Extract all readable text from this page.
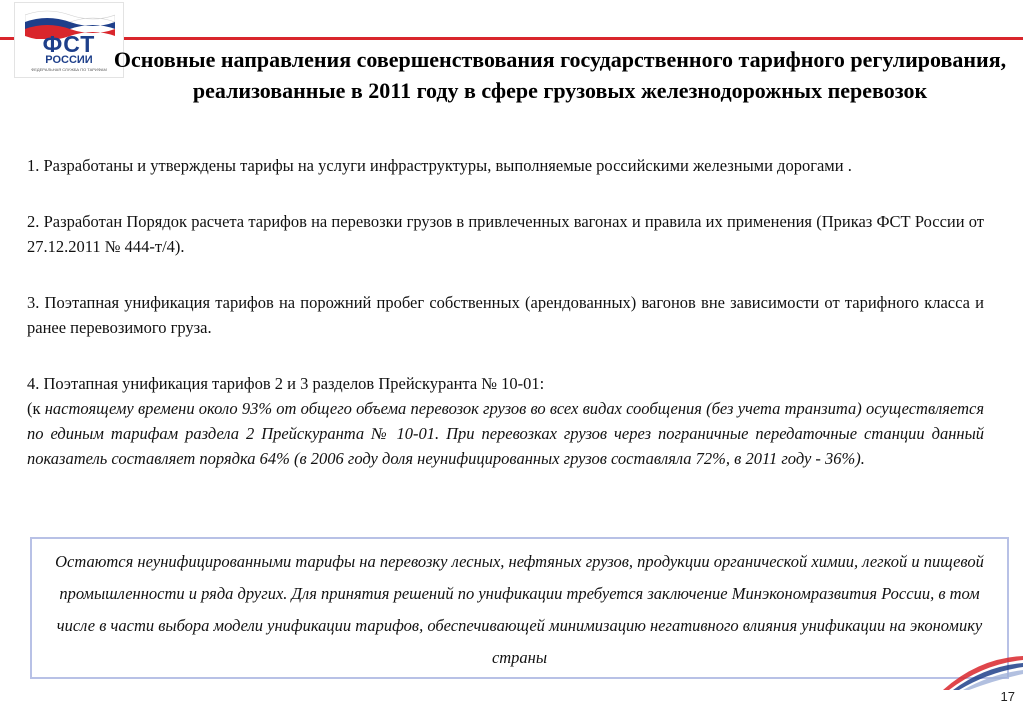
ФСТ
РОССИИ
ФЕДЕРАЛЬНАЯ СЛУЖБА ПО ТАРИФАМ Основные направления совершенствования государственного тарифного регулирования, реализованные в 2011 году в сфере грузовых железнодорожных перевозок

1. Разработаны и утверждены тарифы на услуги инфраструктуры, выполняемые российскими железными дорогами .

2. Разработан Порядок расчета тарифов на перевозки грузов в привлеченных вагонах и правила их применения (Приказ ФСТ России от 27.12.2011 № 444-т/4).

3. Поэтапная унификация тарифов на порожний пробег собственных (арендованных) вагонов вне зависимости от тарифного класса и ранее перевозимого груза.

4. Поэтапная унификация тарифов 2 и 3 разделов Прейскуранта № 10-01:
(к настоящему времени около 93% от общего объема перевозок грузов во всех видах сообщения (без учета транзита) осуществляется по единым тарифам раздела 2 Прейскуранта № 10-01. При перевозках грузов через пограничные передаточные станции данный показатель составляет порядка 64% (в 2006 году доля неунифицированных грузов составляла 72%, в 2011 году - 36%).
Остаются неунифицированными тарифы на перевозку лесных, нефтяных грузов, продукции органической химии, легкой и пищевой промышленности и ряда других. Для принятия решений по унификации требуется заключение Минэкономразвития России, в том числе в части выбора модели унификации тарифов, обеспечивающей минимизацию негативного влияния унификации на экономику страны
17
